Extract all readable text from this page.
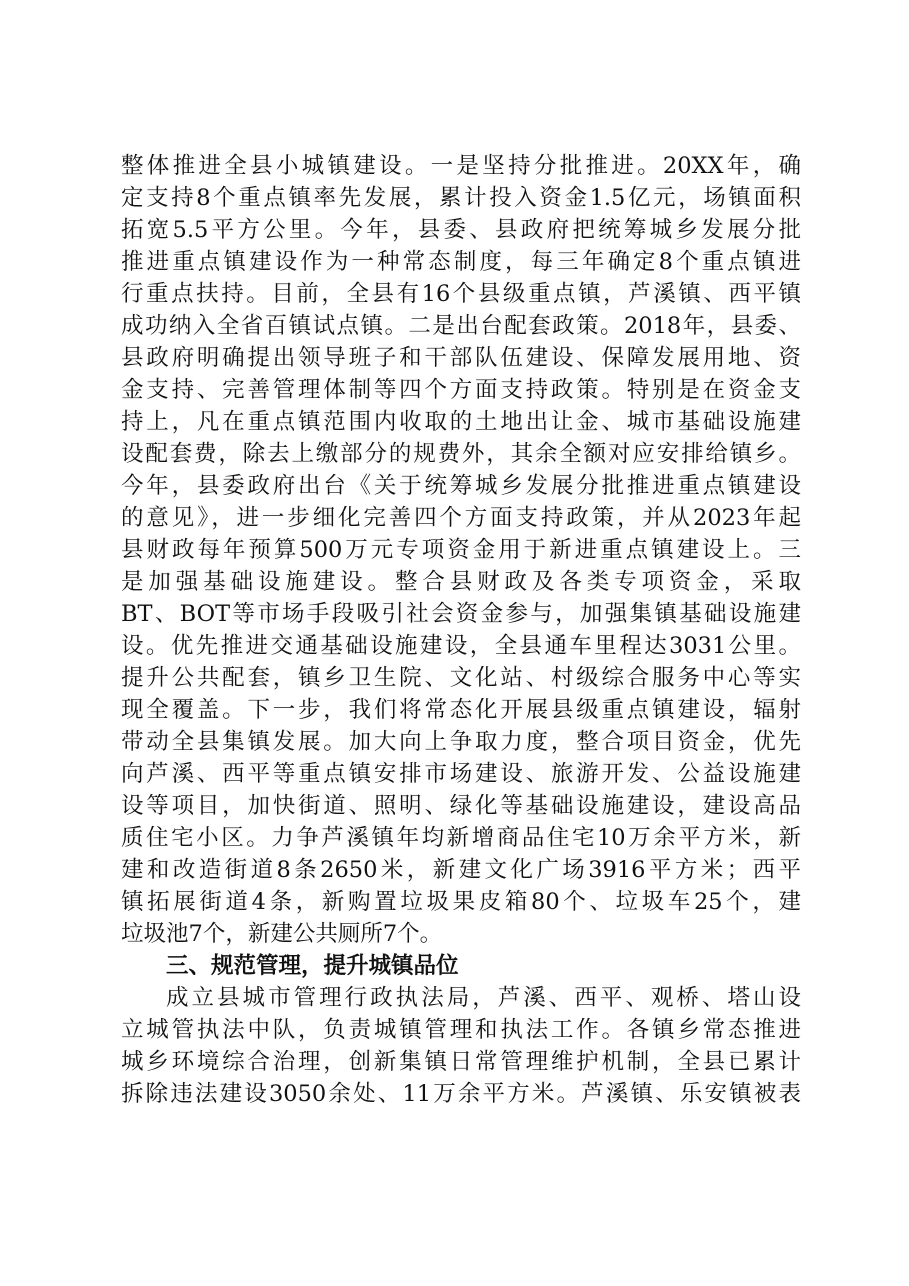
整体推进全县小城镇建设。一是坚持分批推进。20XX年，确
定支持8个重点镇率先发展，累计投入资金1.5亿元，场镇面积
拓宽5.5平方公里。今年，县委、县政府把统筹城乡发展分批
推进重点镇建设作为一种常态制度，每三年确定8个重点镇进
行重点扶持。目前，全县有16个县级重点镇，芦溪镇、西平镇
成功纳入全省百镇试点镇。二是出台配套政策。2018年，县委、
县政府明确提出领导班子和干部队伍建设、保障发展用地、资
金支持、完善管理体制等四个方面支持政策。特别是在资金支
持上，凡在重点镇范围内收取的土地出让金、城市基础设施建
设配套费，除去上缴部分的规费外，其余全额对应安排给镇乡。
今年，县委政府出台《关于统筹城乡发展分批推进重点镇建设
的意见》，进一步细化完善四个方面支持政策，并从2023年起
县财政每年预算500万元专项资金用于新进重点镇建设上。三
是加强基础设施建设。整合县财政及各类专项资金，采取
BT、BOT等市场手段吸引社会资金参与，加强集镇基础设施建
设。优先推进交通基础设施建设，全县通车里程达3031公里。
提升公共配套，镇乡卫生院、文化站、村级综合服务中心等实
现全覆盖。下一步，我们将常态化开展县级重点镇建设，辐射
带动全县集镇发展。加大向上争取力度，整合项目资金，优先
向芦溪、西平等重点镇安排市场建设、旅游开发、公益设施建
设等项目，加快街道、照明、绿化等基础设施建设，建设高品
质住宅小区。力争芦溪镇年均新增商品住宅10万余平方米，新
建和改造街道8条2650米，新建文化广场3916平方米；西平
镇拓展街道4条，新购置垃圾果皮箱80个、垃圾车25个，建
垃圾池7个，新建公共厕所7个。
三、规范管理，提升城镇品位
成立县城市管理行政执法局，芦溪、西平、观桥、塔山设
立城管执法中队，负责城镇管理和执法工作。各镇乡常态推进
城乡环境综合治理，创新集镇日常管理维护机制，全县已累计
拆除违法建设3050余处、11万余平方米。芦溪镇、乐安镇被表
